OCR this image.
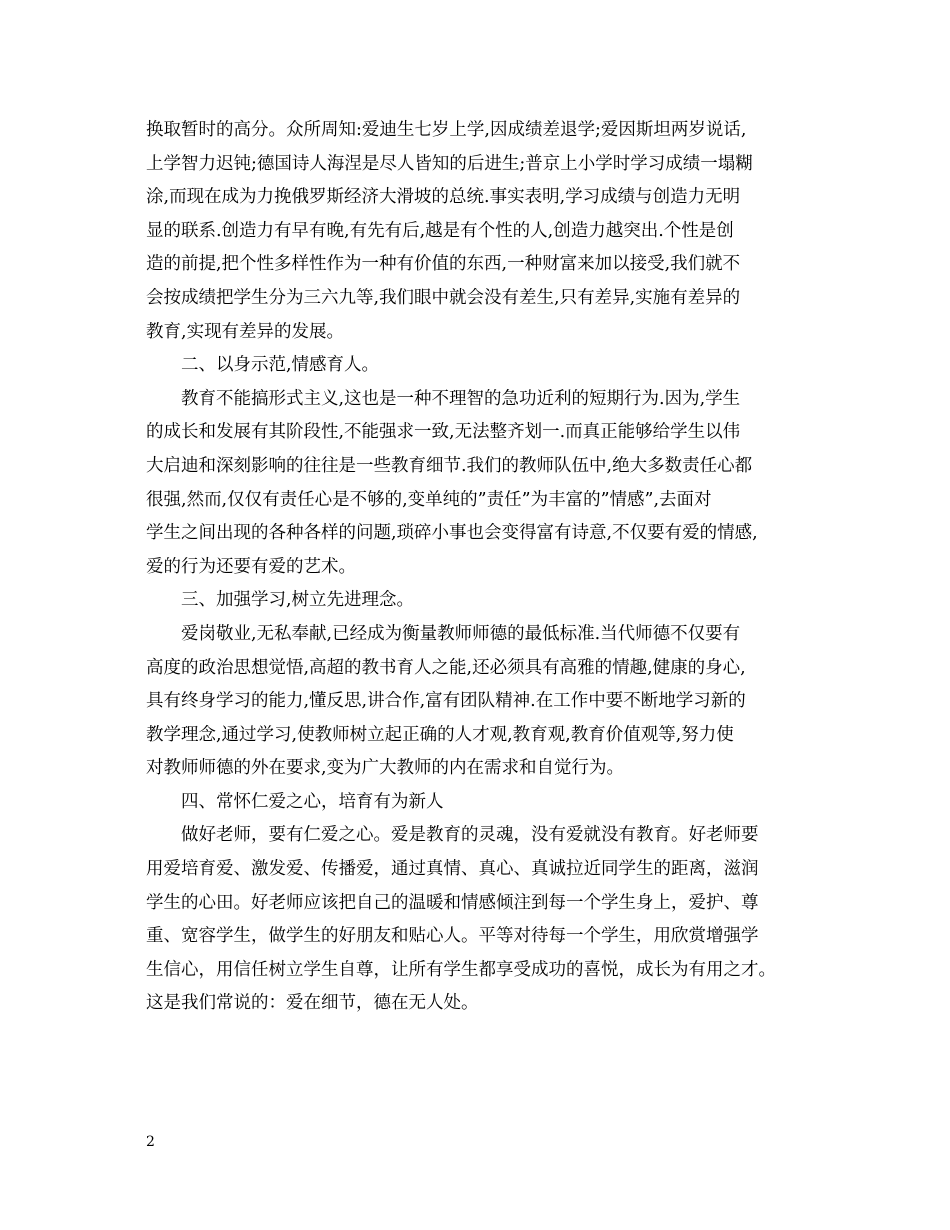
换取暂时的高分。众所周知:爱迪生七岁上学,因成绩差退学;爱因斯坦两岁说话,
上学智力迟钝;德国诗人海涅是尽人皆知的后进生;普京上小学时学习成绩一塌糊
涂,而现在成为力挽俄罗斯经济大滑坡的总统.事实表明,学习成绩与创造力无明
显的联系.创造力有早有晚,有先有后,越是有个性的人,创造力越突出.个性是创
造的前提,把个性多样性作为一种有价值的东西,一种财富来加以接受,我们就不
会按成绩把学生分为三六九等,我们眼中就会没有差生,只有差异,实施有差异的
教育,实现有差异的发展。
二、以身示范,情感育人。
教育不能搞形式主义,这也是一种不理智的急功近利的短期行为.因为,学生
的成长和发展有其阶段性,不能强求一致,无法整齐划一.而真正能够给学生以伟
大启迪和深刻影响的往往是一些教育细节.我们的教师队伍中,绝大多数责任心都
很强,然而,仅仅有责任心是不够的,变单纯的”责任”为丰富的”情感”,去面对
学生之间出现的各种各样的问题,琐碎小事也会变得富有诗意,不仅要有爱的情感,
爱的行为还要有爱的艺术。
三、加强学习,树立先进理念。
爱岗敬业,无私奉献,已经成为衡量教师师德的最低标准.当代师德不仅要有
高度的政治思想觉悟,高超的教书育人之能,还必须具有高雅的情趣,健康的身心,
具有终身学习的能力,懂反思,讲合作,富有团队精神.在工作中要不断地学习新的
教学理念,通过学习,使教师树立起正确的人才观,教育观,教育价值观等,努力使
对教师师德的外在要求,变为广大教师的内在需求和自觉行为。
四、常怀仁爱之心，培育有为新人
做好老师，要有仁爱之心。爱是教育的灵魂，没有爱就没有教育。好老师要
用爱培育爱、激发爱、传播爱，通过真情、真心、真诚拉近同学生的距离，滋润
学生的心田。好老师应该把自己的温暖和情感倾注到每一个学生身上，爱护、尊
重、宽容学生，做学生的好朋友和贴心人。平等对待每一个学生，用欣赏增强学
生信心，用信任树立学生自尊，让所有学生都享受成功的喜悦，成长为有用之才。
这是我们常说的：爱在细节，德在无人处。
2
